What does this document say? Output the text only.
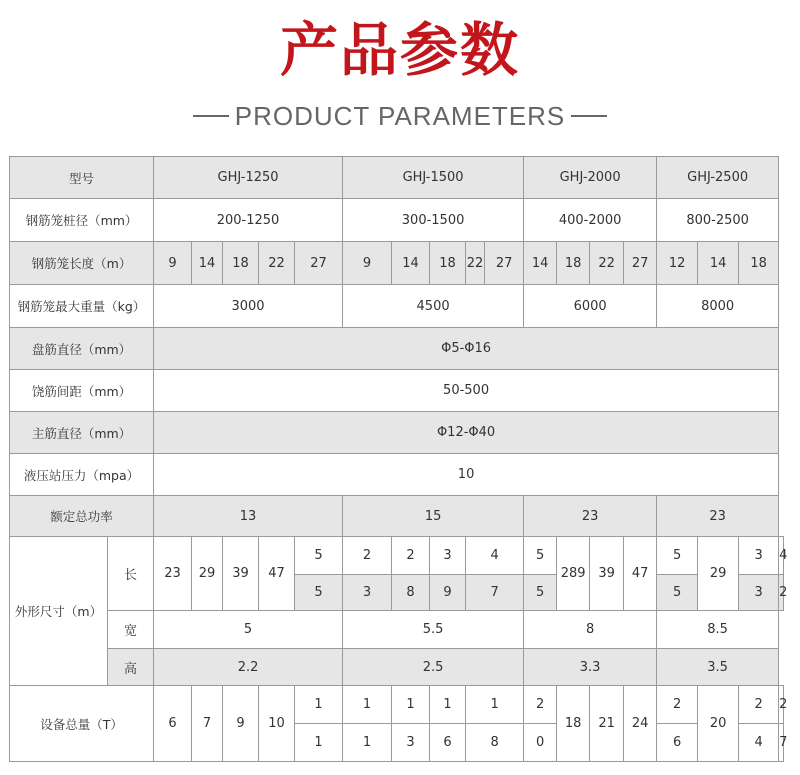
产品参数
PRODUCT PARAMETERS
型号		GHJ-1250					GHJ-1500					GHJ-2000				GHJ-2500			
钢筋笼桩径（mm）		200-1250					300-1500					400-2000				800-2500			
钢筋笼长度（m）		9	14	18	22	27	9	14	18	22	27	14	18	22	27	12	14	18	
钢筋笼最大重量（kg）		3000					4500					6000				8000			
盘筋直径（mm）		Φ5-Φ16																	
饶筋间距（mm）		50-500																	
主筋直径（mm）		Φ12-Φ40																	
液压站压力（mpa）		10																	
额定总功率		13					15					23				23			
外形尺寸（m）	长	23	29	39	47	5	2	2	3	4		5	289	39	47	5	29	3	4
						5	3	8	9	7		5				5		3	2
	宽	5					5.5					8				8.5			
	高	2.2					2.5					3.3				3.5			
设备总量（T）		6	7	9	10	1	1	1	1	1		2	18	21	24	2	20	2	2
						1	1	3	6	8		0				6		4	7
